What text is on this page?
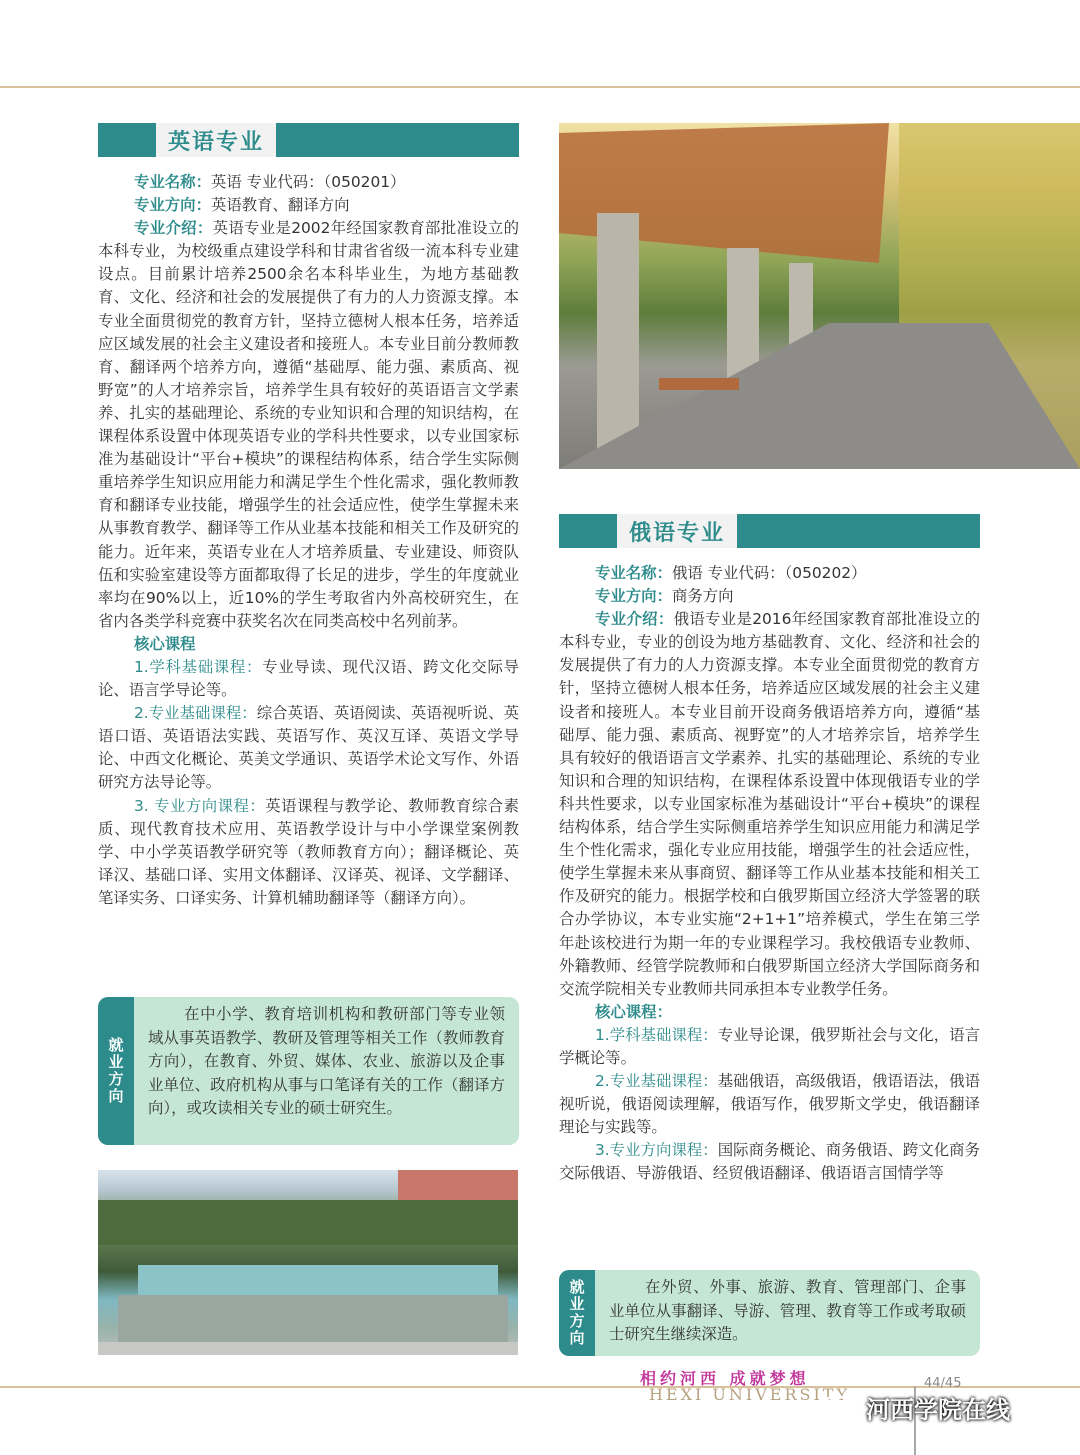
英语专业

专业名称：英语 专业代码：（050201）

专业方向：英语教育、翻译方向

专业介绍：英语专业是2002年经国家教育部批准设立的本科专业，为校级重点建设学科和甘肃省省级一流本科专业建设点。目前累计培养2500余名本科毕业生，为地方基础教育、文化、经济和社会的发展提供了有力的人力资源支撑。本专业全面贯彻党的教育方针，坚持立德树人根本任务，培养适应区域发展的社会主义建设者和接班人。本专业目前分教师教育、翻译两个培养方向，遵循“基础厚、能力强、素质高、视野宽”的人才培养宗旨，培养学生具有较好的英语语言文学素养、扎实的基础理论、系统的专业知识和合理的知识结构，在课程体系设置中体现英语专业的学科共性要求，以专业国家标准为基础设计“平台+模块”的课程结构体系，结合学生实际侧重培养学生知识应用能力和满足学生个性化需求，强化教师教育和翻译专业技能，增强学生的社会适应性，使学生掌握未来从事教育教学、翻译等工作从业基本技能和相关工作及研究的能力。近年来，英语专业在人才培养质量、专业建设、师资队伍和实验室建设等方面都取得了长足的进步，学生的年度就业率均在90%以上，近10%的学生考取省内外高校研究生，在省内各类学科竞赛中获奖名次在同类高校中名列前茅。

核心课程

1.学科基础课程：专业导读、现代汉语、跨文化交际导论、语言学导论等。

2.专业基础课程：综合英语、英语阅读、英语视听说、英语口语、英语语法实践、英语写作、英汉互译、英语文学导论、中西文化概论、英美文学通识、英语学术论文写作、外语研究方法导论等。

3. 专业方向课程：英语课程与教学论、教师教育综合素质、现代教育技术应用、英语教学设计与中小学课堂案例教学、中小学英语教学研究等（教师教育方向）；翻译概论、英译汉、基础口译、实用文体翻译、汉译英、视译、文学翻译、笔译实务、口译实务、计算机辅助翻译等（翻译方向）。

就业方向
在中小学、教育培训机构和教研部门等专业领域从事英语教学、教研及管理等相关工作（教师教育方向），在教育、外贸、媒体、农业、旅游以及企事业单位、政府机构从事与口笔译有关的工作（翻译方向），或攻读相关专业的硕士研究生。
俄语专业

专业名称：俄语 专业代码：（050202）

专业方向：商务方向

专业介绍：俄语专业是2016年经国家教育部批准设立的本科专业，专业的创设为地方基础教育、文化、经济和社会的发展提供了有力的人力资源支撑。本专业全面贯彻党的教育方针，坚持立德树人根本任务，培养适应区域发展的社会主义建设者和接班人。本专业目前开设商务俄语培养方向，遵循“基础厚、能力强、素质高、视野宽”的人才培养宗旨，培养学生具有较好的俄语语言文学素养、扎实的基础理论、系统的专业知识和合理的知识结构，在课程体系设置中体现俄语专业的学科共性要求，以专业国家标准为基础设计“平台+模块”的课程结构体系，结合学生实际侧重培养学生知识应用能力和满足学生个性化需求，强化专业应用技能，增强学生的社会适应性，使学生掌握未来从事商贸、翻译等工作从业基本技能和相关工作及研究的能力。根据学校和白俄罗斯国立经济大学签署的联合办学协议，本专业实施“2+1+1”培养模式，学生在第三学年赴该校进行为期一年的专业课程学习。我校俄语专业教师、外籍教师、经管学院教师和白俄罗斯国立经济大学国际商务和交流学院相关专业教师共同承担本专业教学任务。

核心课程：

1.学科基础课程：专业导论课，俄罗斯社会与文化，语言学概论等。

2.专业基础课程：基础俄语，高级俄语，俄语语法，俄语视听说，俄语阅读理解，俄语写作，俄罗斯文学史，俄语翻译理论与实践等。

3.专业方向课程：国际商务概论、商务俄语、跨文化商务交际俄语、导游俄语、经贸俄语翻译、俄语语言国情学等

就业方向	在外贸、外事、旅游、教育、管理部门、企事业单位从事翻译、导游、管理、教育等工作或考取硕士研究生继续深造。
相约河西 成就梦想
HEXI UNIVERSITY
44/45
河西学院在线
